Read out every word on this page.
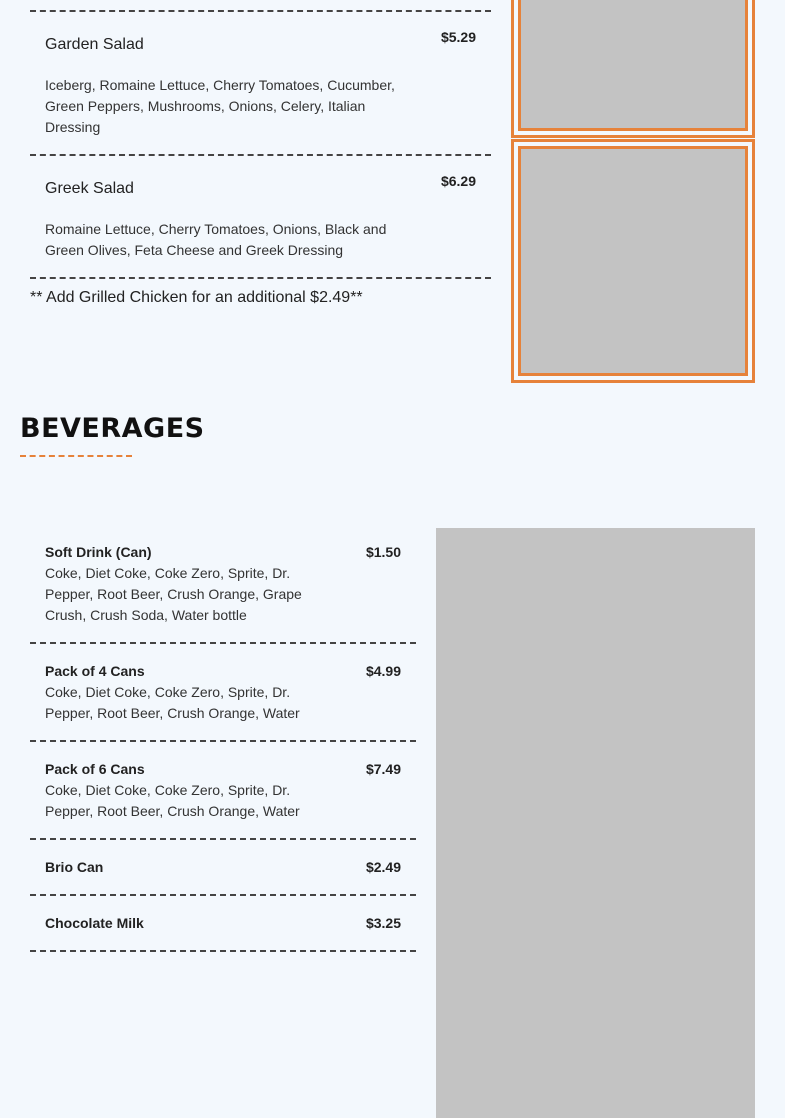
Garden Salad
Iceberg, Romaine Lettuce, Cherry Tomatoes, Cucumber, Green Peppers, Mushrooms, Onions, Celery, Italian Dressing
$5.29
Greek Salad
Romaine Lettuce, Cherry Tomatoes, Onions, Black and Green Olives, Feta Cheese and Greek Dressing
$6.29
** Add Grilled Chicken for an additional $2.49**
BEVERAGES
Soft Drink (Can)
Coke, Diet Coke, Coke Zero, Sprite, Dr. Pepper, Root Beer, Crush Orange, Grape Crush, Crush Soda, Water bottle
$1.50
Pack of 4 Cans
Coke, Diet Coke, Coke Zero, Sprite, Dr. Pepper, Root Beer, Crush Orange, Water
$4.99
Pack of 6 Cans
Coke, Diet Coke, Coke Zero, Sprite, Dr. Pepper, Root Beer, Crush Orange, Water
$7.49
Brio Can	$2.49
Chocolate Milk	$3.25
